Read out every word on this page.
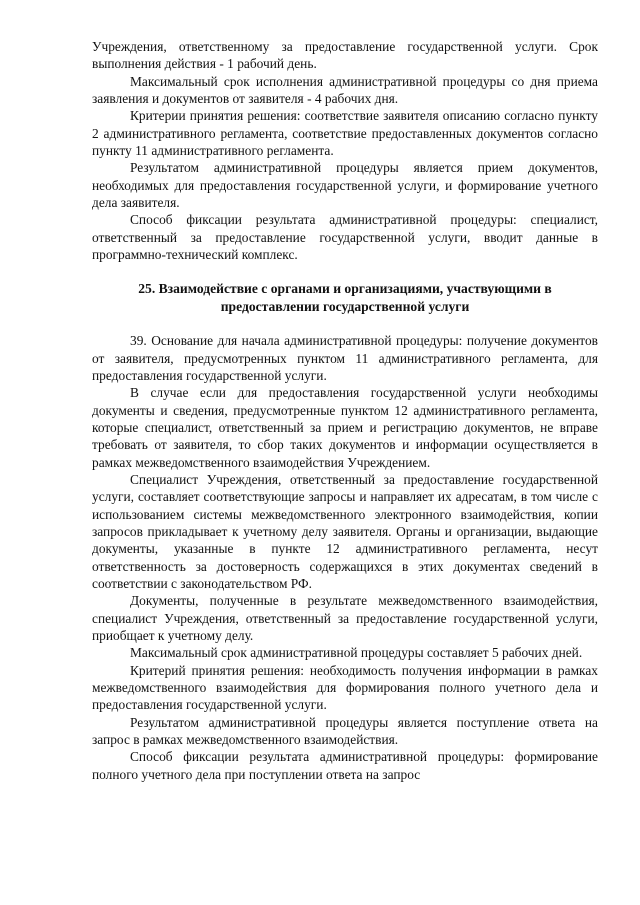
Учреждения, ответственному за предоставление государственной услуги. Срок выполнения действия - 1 рабочий день.

Максимальный срок исполнения административной процедуры со дня приема заявления и документов от заявителя - 4 рабочих дня.

Критерии принятия решения: соответствие заявителя описанию согласно пункту 2 административного регламента, соответствие предоставленных документов согласно пункту 11 административного регламента.

Результатом административной процедуры является прием документов, необходимых для предоставления государственной услуги, и формирование учетного дела заявителя.

Способ фиксации результата административной процедуры: специалист, ответственный за предоставление государственной услуги, вводит данные в программно-технический комплекс.

25. Взаимодействие с органами и организациями, участвующими в предоставлении государственной услуги

39. Основание для начала административной процедуры: получение документов от заявителя, предусмотренных пунктом 11 административного регламента, для предоставления государственной услуги.

В случае если для предоставления государственной услуги необходимы документы и сведения, предусмотренные пунктом 12 административного регламента, которые специалист, ответственный за прием и регистрацию документов, не вправе требовать от заявителя, то сбор таких документов и информации осуществляется в рамках межведомственного взаимодействия Учреждением.

Специалист Учреждения, ответственный за предоставление государственной услуги, составляет соответствующие запросы и направляет их адресатам, в том числе с использованием системы межведомственного электронного взаимодействия, копии запросов прикладывает к учетному делу заявителя. Органы и организации, выдающие документы, указанные в пункте 12 административного регламента, несут ответственность за достоверность содержащихся в этих документах сведений в соответствии с законодательством РФ.

Документы, полученные в результате межведомственного взаимодействия, специалист Учреждения, ответственный за предоставление государственной услуги, приобщает к учетному делу.

Максимальный срок административной процедуры составляет 5 рабочих дней.

Критерий принятия решения: необходимость получения информации в рамках межведомственного взаимодействия для формирования полного учетного дела и предоставления государственной услуги.

Результатом административной процедуры является поступление ответа на запрос в рамках межведомственного взаимодействия.

Способ фиксации результата административной процедуры: формирование полного учетного дела при поступлении ответа на запрос
